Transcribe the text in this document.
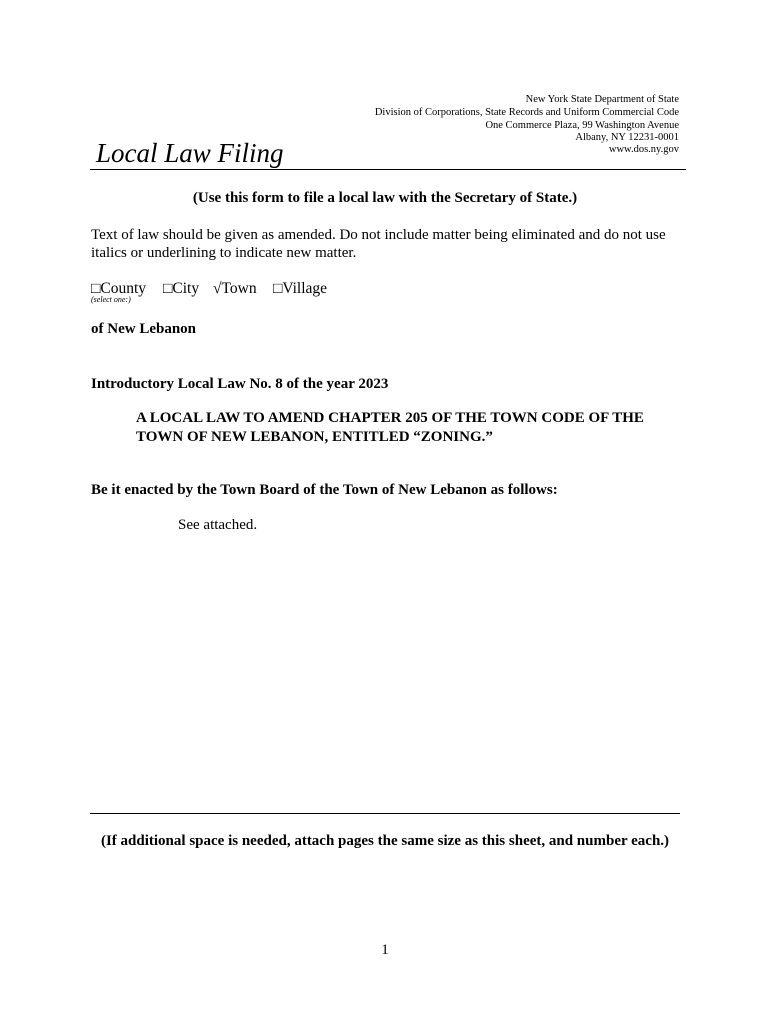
New York State Department of State
Division of Corporations, State Records and Uniform Commercial Code
One Commerce Plaza, 99 Washington Avenue
Albany, NY 12231-0001
www.dos.ny.gov
Local Law Filing
(Use this form to file a local law with the Secretary of State.)
Text of law should be given as amended. Do not include matter being eliminated and do not use
italics or underlining to indicate new matter.
□County □City √Town □Village
(select one:)
of New Lebanon
Introductory Local Law No. 8 of the year 2023
A LOCAL LAW TO AMEND CHAPTER 205 OF THE TOWN CODE OF THE
TOWN OF NEW LEBANON, ENTITLED “ZONING.”
Be it enacted by the Town Board of the Town of New Lebanon as follows:
See attached.
(If additional space is needed, attach pages the same size as this sheet, and number each.)
1
